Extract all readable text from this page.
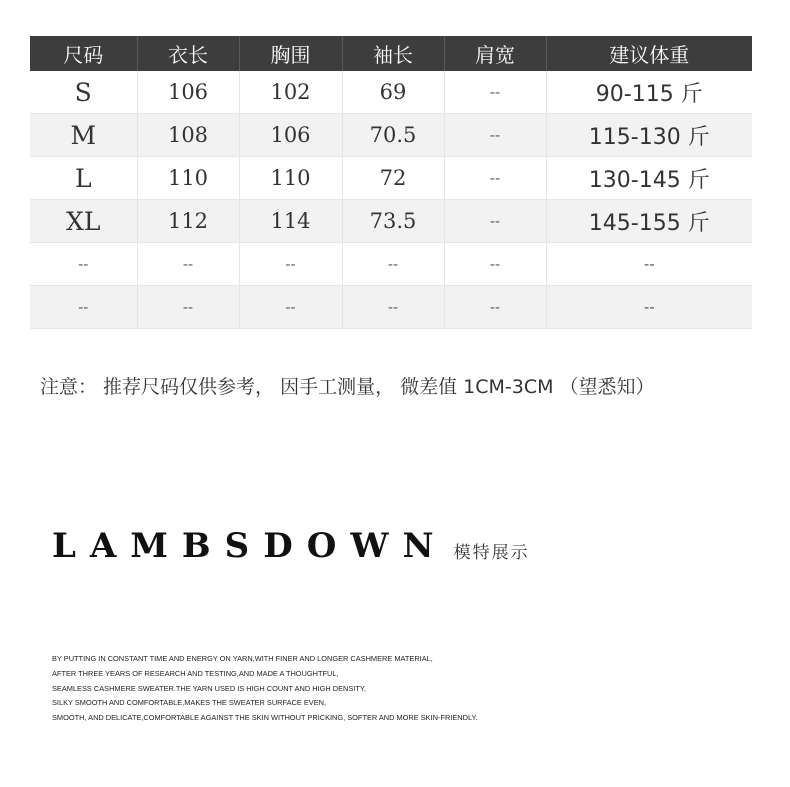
尺码	衣长	胸围	袖长	肩宽	建议体重
S	106	102	69	--	90-115 斤
M	108	106	70.5	--	115-130 斤
L	110	110	72	--	130-145 斤
XL	112	114	73.5	--	145-155 斤
--	--	--	--	--	--
--	--	--	--	--	--
注意： 推荐尺码仅供参考， 因手工测量， 微差值 1CM-3CM （望悉知）
LAMBSDOWN 模特展示
BY PUTTING IN CONSTANT TIME AND ENERGY ON YARN,WITH FINER AND LONGER CASHMERE MATERIAL,
AFTER THREE YEARS OF RESEARCH AND TESTING,AND MADE A THOUGHTFUL,
SEAMLESS CASHMERE SWEATER.THE YARN USED IS HIGH COUNT AND HIGH DENSITY,
SILKY SMOOTH AND COMFORTABLE,MAKES THE SWEATER SURFACE EVEN,
SMOOTH, AND DELICATE,COMFORTABLE AGAINST THE SKIN WITHOUT PRICKING, SOFTER AND MORE SKIN-FRIENDLY.
